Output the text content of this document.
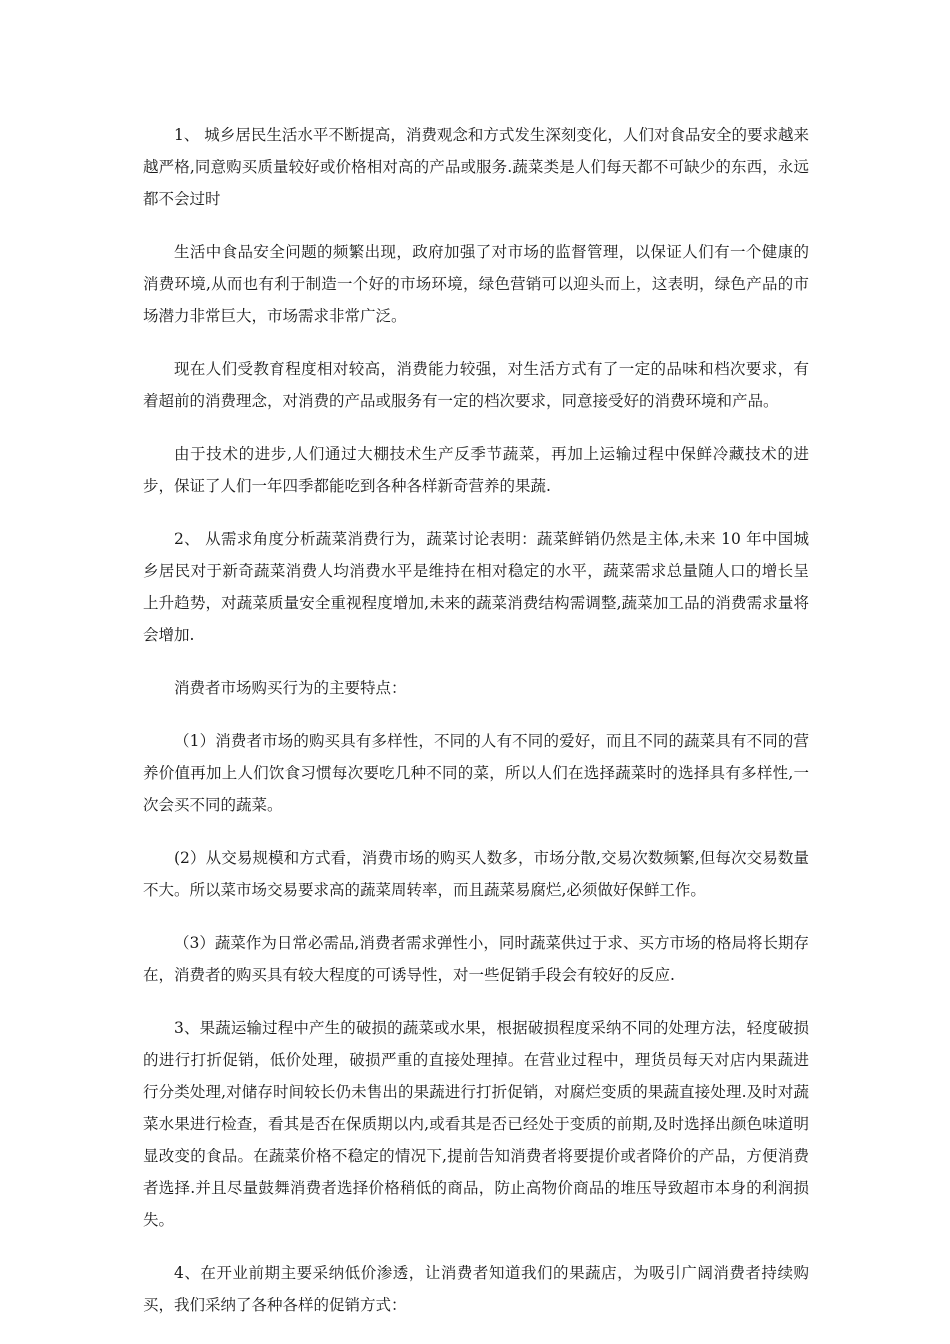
1、 城乡居民生活水平不断提高，消费观念和方式发生深刻变化，人们对食品安全的要求越来越严格,同意购买质量较好或价格相对高的产品或服务.蔬菜类是人们每天都不可缺少的东西，永远都不会过时

生活中食品安全问题的频繁出现，政府加强了对市场的监督管理，以保证人们有一个健康的消费环境,从而也有利于制造一个好的市场环境，绿色营销可以迎头而上，这表明，绿色产品的市场潜力非常巨大，市场需求非常广泛。

现在人们受教育程度相对较高，消费能力较强，对生活方式有了一定的品味和档次要求，有着超前的消费理念，对消费的产品或服务有一定的档次要求，同意接受好的消费环境和产品。

由于技术的进步,人们通过大棚技术生产反季节蔬菜，再加上运输过程中保鲜冷藏技术的进步，保证了人们一年四季都能吃到各种各样新奇营养的果蔬.

2、 从需求角度分析蔬菜消费行为，蔬菜讨论表明：蔬菜鲜销仍然是主体,未来 10 年中国城乡居民对于新奇蔬菜消费人均消费水平是维持在相对稳定的水平，蔬菜需求总量随人口的增长呈上升趋势，对蔬菜质量安全重视程度增加,未来的蔬菜消费结构需调整,蔬菜加工品的消费需求量将会增加.

消费者市场购买行为的主要特点：

（1）消费者市场的购买具有多样性，不同的人有不同的爱好，而且不同的蔬菜具有不同的营养价值再加上人们饮食习惯每次要吃几种不同的菜，所以人们在选择蔬菜时的选择具有多样性,一次会买不同的蔬菜。

(2）从交易规模和方式看，消费市场的购买人数多，市场分散,交易次数频繁,但每次交易数量不大。所以菜市场交易要求高的蔬菜周转率，而且蔬菜易腐烂,必须做好保鲜工作。

（3）蔬菜作为日常必需品,消费者需求弹性小，同时蔬菜供过于求、买方市场的格局将长期存在，消费者的购买具有较大程度的可诱导性，对一些促销手段会有较好的反应.

3、果蔬运输过程中产生的破损的蔬菜或水果，根据破损程度采纳不同的处理方法，轻度破损的进行打折促销，低价处理，破损严重的直接处理掉。在营业过程中，理货员每天对店内果蔬进行分类处理,对储存时间较长仍未售出的果蔬进行打折促销，对腐烂变质的果蔬直接处理.及时对蔬菜水果进行检查，看其是否在保质期以内,或看其是否已经处于变质的前期,及时选择出颜色味道明显改变的食品。在蔬菜价格不稳定的情况下,提前告知消费者将要提价或者降价的产品，方便消费者选择.并且尽量鼓舞消费者选择价格稍低的商品，防止高物价商品的堆压导致超市本身的利润损失。

4、在开业前期主要采纳低价渗透，让消费者知道我们的果蔬店，为吸引广阔消费者持续购买，我们采纳了各种各样的促销方式：
